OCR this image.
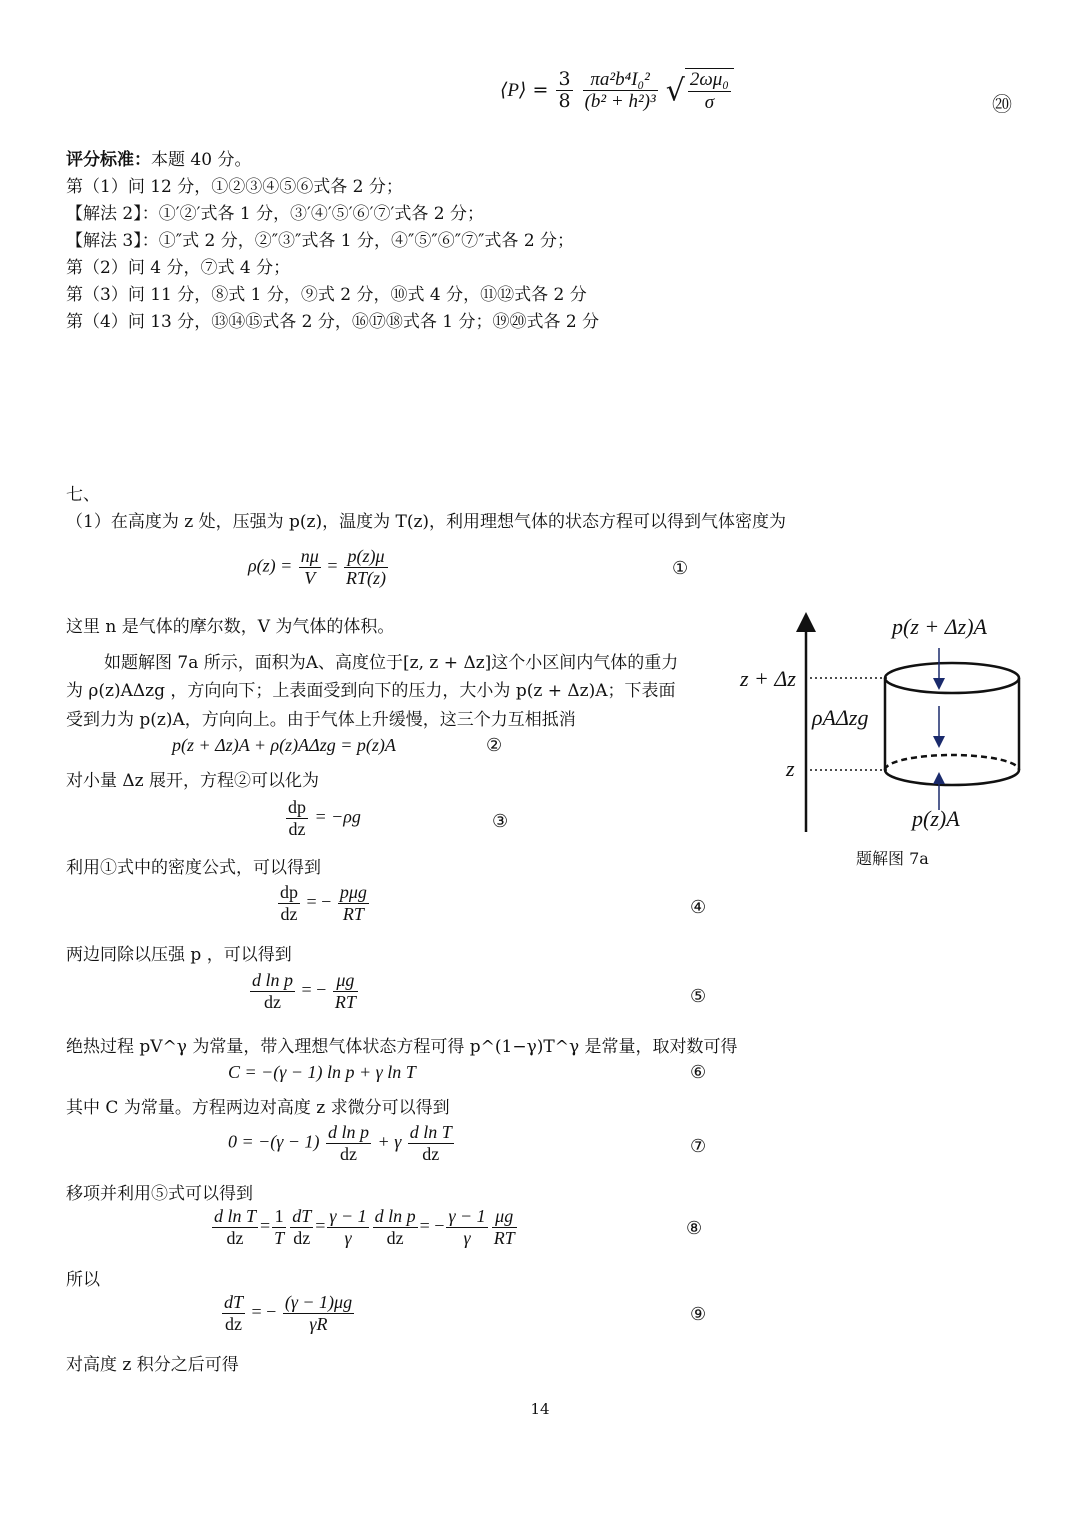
⟨P⟩ = $\frac{3}{8}$
$\frac{\text{πa²b⁴I₀²}}{\text{(b² + h²)³}}$ √ $\frac{\text{2ωμ₀}}{\sigma}$	⑳
评分标准：本题 40 分。
第（1）问 12 分，①②③④⑤⑥式各 2 分；
【解法 2】：①′②′式各 1 分，③′④′⑤′⑥′⑦′式各 2 分；
【解法 3】：①″式 2 分，②″③″式各 1 分，④″⑤″⑥″⑦″式各 2 分；
第（2）问 4 分，⑦式 4 分；
第（3）问 11 分，⑧式 1 分，⑨式 2 分，⑩式 4 分，⑪⑫式各 2 分
第（4）问 13 分，⑬⑭⑮式各 2 分，⑯⑰⑱式各 1 分；⑲⑳式各 2 分
七、
（1）在高度为 z 处，压强为 p(z)，温度为 T(z)，利用理想气体的状态方程可以得到气体密度为
$\rho(z) = \frac{n\mu}{V} = \frac{p(z)\mu}{RT(z)}$	①
这里 n 是气体的摩尔数，V 为气体的体积。
如题解图 7a 所示，面积为A、高度位于[z, z + Δz]这个小区间内气体的重力
为 ρ(z)AΔzg ，方向向下；上表面受到向下的压力，大小为 p(z + Δz)A；下表面
受到力为 p(z)A，方向向上。由于气体上升缓慢，这三个力互相抵消
p(z + Δz)A + ρ(z)AΔzg = p(z)A	②
对小量 Δz 展开，方程②可以化为
$\frac{dp}{dz} = -\rho g$	③
利用①式中的密度公式，可以得到
$\frac{dp}{dz}$ = − $\frac{\text{pμg}}{RT}$	④
两边同除以压强 p ，可以得到
$\frac{\text{d ln p}}{dz}$ = − $\frac{\mu g}{RT}$	⑤
绝热过程 pV^γ 为常量，带入理想气体状态方程可得 p^(1−γ)T^γ 是常量，取对数可得
C = −(γ − 1) ln p + γ ln T	⑥
其中 C 为常量。方程两边对高度 z 求微分可以得到
$0 = -(\gamma - 1) \frac{\text{d ln p}}{dz} + \gamma \frac{\text{d ln T}}{dz}$	⑦
移项并利用⑤式可以得到
$\frac{\text{d ln T}}{dz} = \frac{1}{T} \frac{dT}{dz} = \frac{\gamma - 1}{\gamma} \frac{\text{d ln p}}{dz}$ = − $\frac{\gamma - 1}{\gamma} \frac{\mu g}{RT}$	⑧
所以
$\frac{dT}{dz}$ = − $\frac{(\gamma - 1)\mu g}{\gamma R}$	⑨
对高度 z 积分之后可得
p(z + Δz)A
z + Δz
ρAΔzg
z
p(z)A
题解图 7a
14
